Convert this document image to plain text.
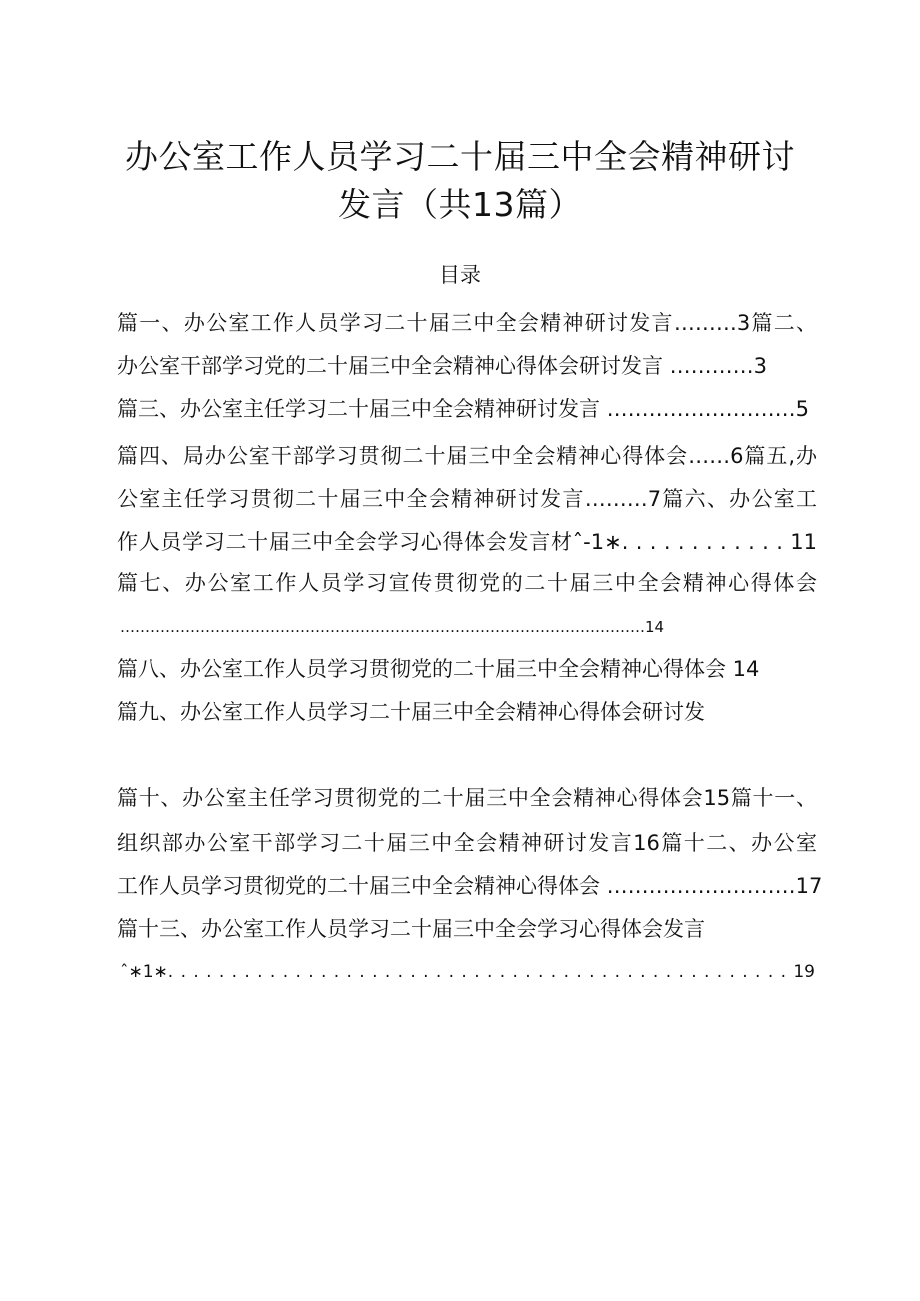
办公室工作人员学习二十届三中全会精神研讨
发言（共13篇）
目录
篇一、办公室工作人员学习二十届三中全会精神研讨发言………3篇二、
办公室干部学习党的二十届三中全会精神心得体会研讨发言 …………3
篇三、办公室主任学习二十届三中全会精神研讨发言 ………………………5
篇四、局办公室干部学习贯彻二十届三中全会精神心得体会……6篇五,办
公室主任学习贯彻二十届三中全会精神研讨发言………7篇六、办公室工
作人员学习二十届三中全会学习心得体会发言材ˆ-1∗. . . . . . . . . . . . 11
篇七、办公室工作人员学习宣传贯彻党的二十届三中全会精神心得体会
……………………………………………………………………………………………14
篇八、办公室工作人员学习贯彻党的二十届三中全会精神心得体会 14
篇九、办公室工作人员学习二十届三中全会精神心得体会研讨发
篇十、办公室主任学习贯彻党的二十届三中全会精神心得体会15篇十一、
组织部办公室干部学习二十届三中全会精神研讨发言16篇十二、办公室
工作人员学习贯彻党的二十届三中全会精神心得体会 ………………………17
篇十三、办公室工作人员学习二十届三中全会学习心得体会发言
ˆ∗1∗. . . . . . . . . . . . . . . . . . . . . . . . . . . . . . . . . . . . . . . . . . . . . . . . . 19
